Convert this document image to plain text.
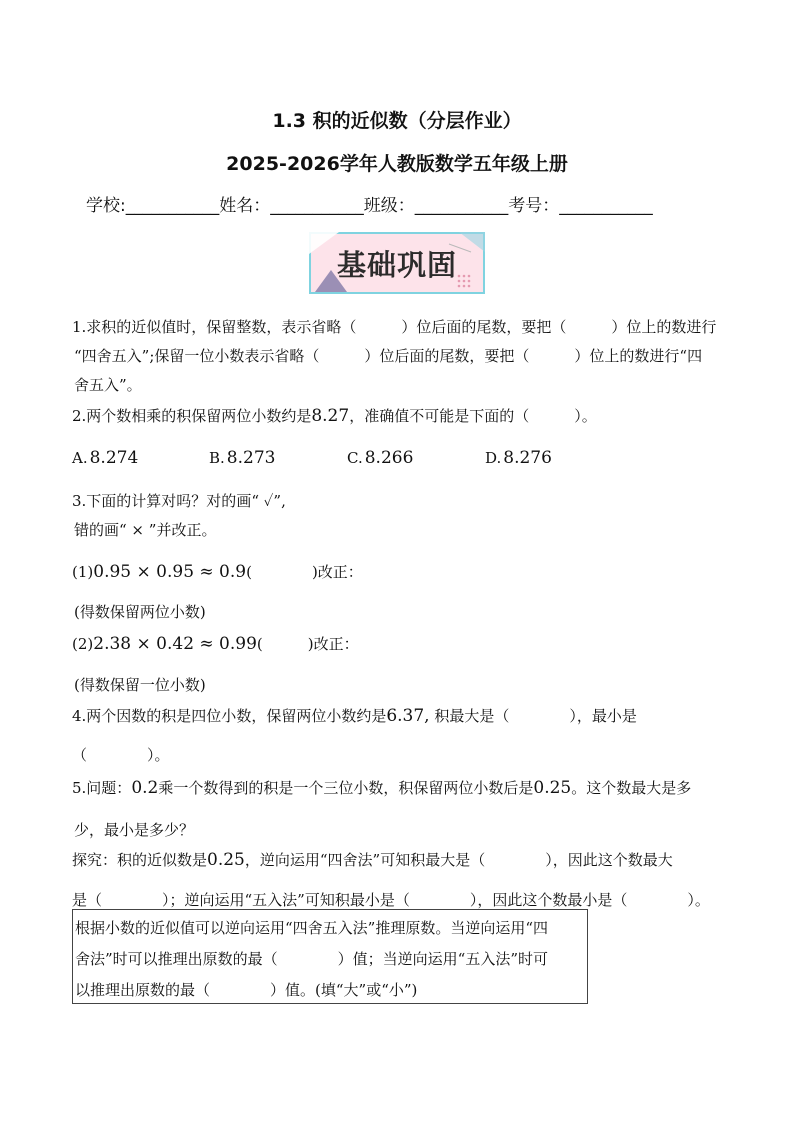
1.3 积的近似数（分层作业）
2025-2026学年人教版数学五年级上册
学校:___________姓名：___________班级：___________考号：___________
基础巩固
1.求积的近似值时，保留整数，表示省略（　　　）位后面的尾数，要把（　　　）位上的数进行
“四舍五入”;保留一位小数表示省略（　　　）位后面的尾数，要把（　　　）位上的数进行“四
舍五入”。
2.两个数相乘的积保留两位小数约是8.27，准确值不可能是下面的（　　　）。
A. 8.274	B. 8.273	C. 8.266	D. 8.276
3.下面的计算对吗？对的画“ ✓”,
错的画“ × ”并改正。
(1)0.95 × 0.95 ≈ 0.9(　　　　)改正：
(得数保留两位小数)
(2)2.38 × 0.42 ≈ 0.99(　　　)改正：
(得数保留一位小数)
4.两个因数的积是四位小数，保留两位小数约是6.37, 积最大是（　　　　），最小是
（　　　　）。
5.问题：0.2乘一个数得到的积是一个三位小数，积保留两位小数后是0.25。这个数最大是多
少，最小是多少？
探究：积的近似数是0.25，逆向运用“四舍法”可知积最大是（　　　　），因此这个数最大
是（　　　　）；逆向运用“五入法”可知积最小是（　　　　），因此这个数最小是（　　　　）。
根据小数的近似值可以逆向运用“四舍五入法”推理原数。当逆向运用“四
舍法”时可以推理出原数的最（　　　　）值；当逆向运用“五入法”时可
以推理出原数的最（　　　　）值。(填“大”或“小”)
